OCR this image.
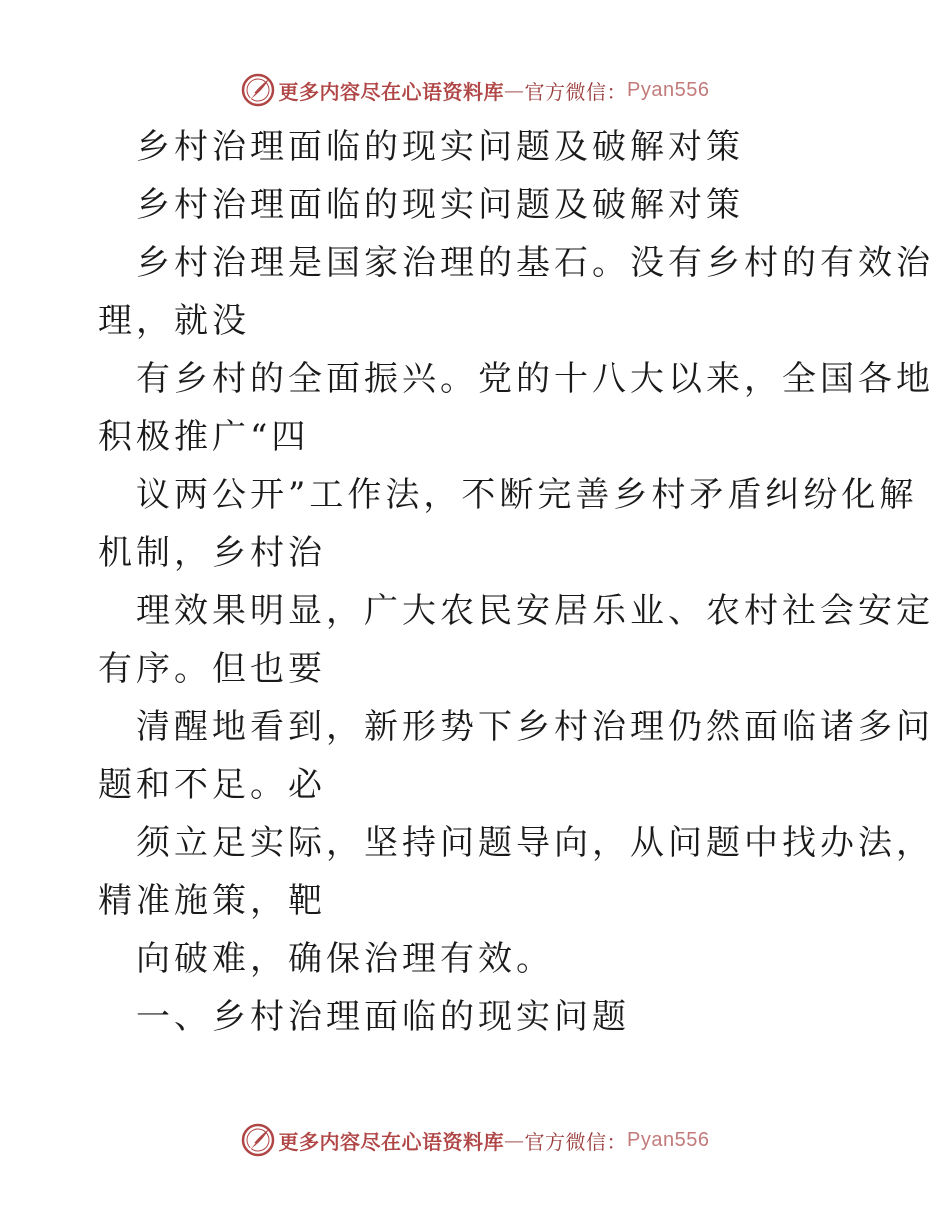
更多内容尽在心语资料库 — 官方微信： Pyan556
乡村治理面临的现实问题及破解对策
乡村治理面临的现实问题及破解对策
乡村治理是国家治理的基石。没有乡村的有效治
理，就没
有乡村的全面振兴。党的十八大以来，全国各地
积极推广“四
议两公开”工作法，不断完善乡村矛盾纠纷化解
机制，乡村治
理效果明显，广大农民安居乐业、农村社会安定
有序。但也要
清醒地看到，新形势下乡村治理仍然面临诸多问
题和不足。必
须立足实际，坚持问题导向，从问题中找办法，
精准施策，靶
向破难，确保治理有效。
一、乡村治理面临的现实问题
更多内容尽在心语资料库 — 官方微信： Pyan556
